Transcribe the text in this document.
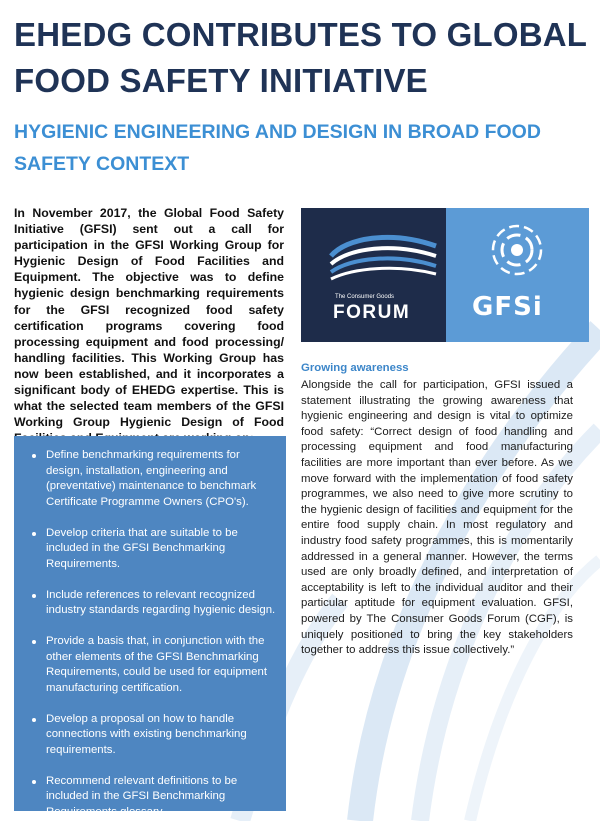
EHEDG CONTRIBUTES TO GLOBAL FOOD SAFETY INITIATIVE
HYGIENIC ENGINEERING AND DESIGN IN BROAD FOOD SAFETY CONTEXT

In November 2017, the Global Food Safety Initiative (GFSI) sent out a call for participation in the GFSI Working Group for Hygienic Design of Food Facilities and Equipment. The objective was to define hygienic design benchmarking requirements for the GFSI recognized food safety certification programs covering food processing equipment and food processing/ handling facilities. This Working Group has now been established, and it incorporates a significant body of EHEDG expertise. This is what the selected team members of the GFSI Working Group Hygienic Design of Food

Define benchmarking requirements for design, installation, engineering and (preventative) maintenance to benchmark Certificate Programme Owners (CPO's).
Develop criteria that are suitable to be included in the GFSI Benchmarking Requirements.
Include references to relevant recognized industry standards regarding hygienic design.
Provide a basis that, in conjunction with the other elements of the GFSI Benchmarking Requirements, could be used for equipment manufacturing certification.
Develop a proposal on how to handle connections with existing benchmarking requirements.
Recommend relevant definitions to be included in the GFSI Benchmarking Requirements glossary.
The Consumer Goods
FORUM GFSi
Growing awareness

Alongside the call for participation, GFSI issued a statement illustrating the growing awareness that hygienic engineering and design is vital to optimize food safety: “Correct design of food handling and processing equipment and food manufacturing facilities are more important than ever before. As we move forward with the implementation of food safety programmes, we also need to give more scrutiny to the hygienic design of facilities and equipment for the entire food supply chain. In most regulatory and industry food safety programmes, this is momentarily addressed in a general manner. However, the terms used are only broadly defined, and interpretation of acceptability is left to the individual auditor and their particular aptitude for equipment evaluation. GFSI, powered by The Consumer Goods Forum (CGF), is uniquely positioned to bring the key stakeholders together to address this issue collectively.”
